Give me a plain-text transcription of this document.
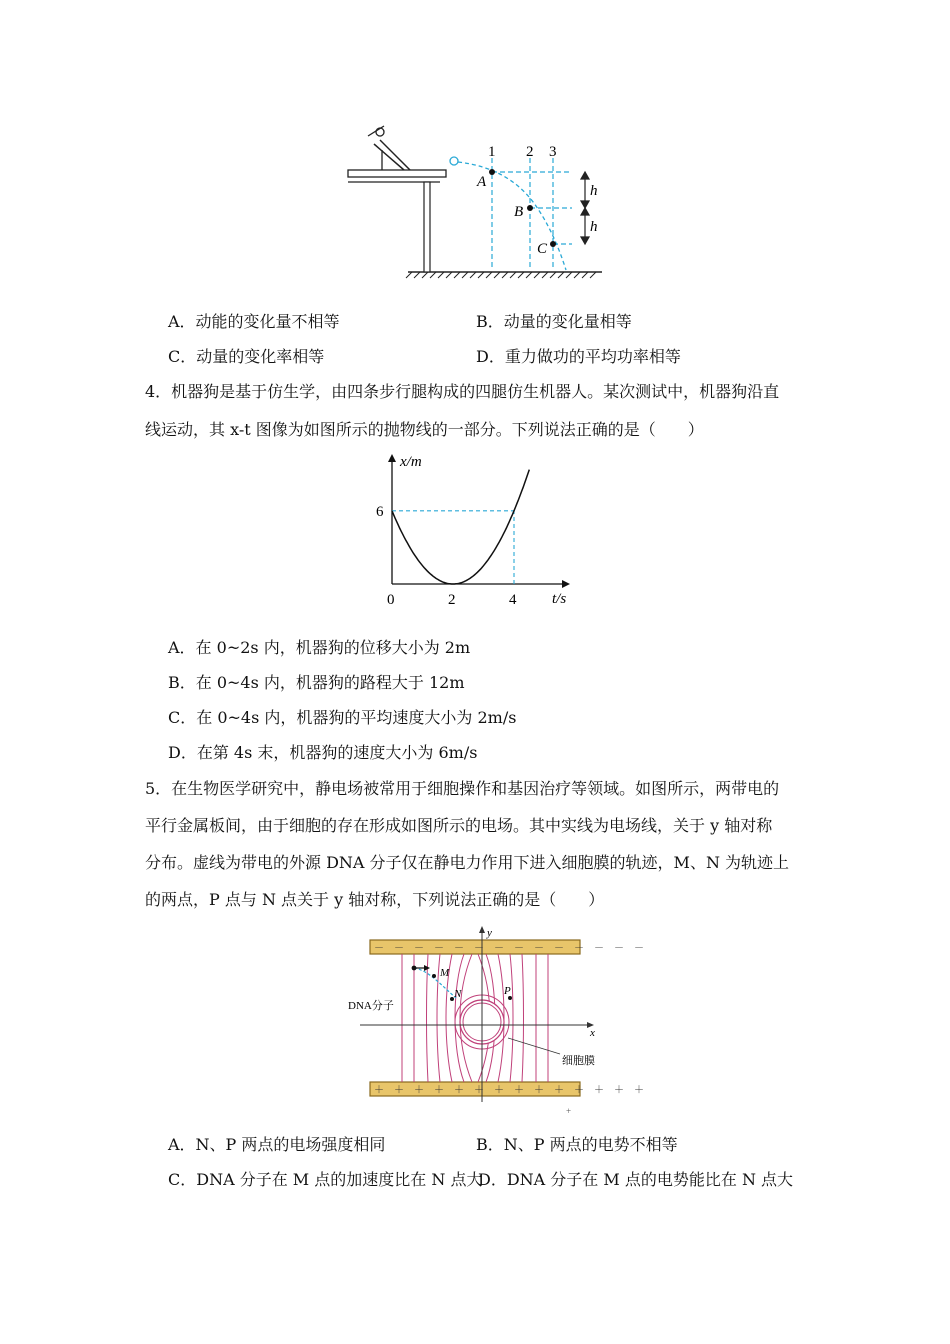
1 2 3
A
B
C
h
h
A．动能的变化量不相等	B．动量的变化量相等
C．动量的变化率相等	D．重力做功的平均功率相等
4．机器狗是基于仿生学，由四条步行腿构成的四腿仿生机器人。某次测试中，机器狗沿直
线运动，其 x-t 图像为如图所示的抛物线的一部分。下列说法正确的是（　　）
0	2	4
6
x/m
t/s
A．在 0~2s 内，机器狗的位移大小为 2m
B．在 0~4s 内，机器狗的路程大于 12m
C．在 0~4s 内，机器狗的平均速度大小为 2m/s
D．在第 4s 末，机器狗的速度大小为 6m/s
5．在生物医学研究中，静电场被常用于细胞操作和基因治疗等领域。如图所示，两带电的
平行金属板间，由于细胞的存在形成如图所示的电场。其中实线为电场线，关于 y 轴对称
分布。虚线为带电的外源 DNA 分子仅在静电力作用下进入细胞膜的轨迹，M、N 为轨迹上
的两点，P 点与 N 点关于 y 轴对称，下列说法正确的是（　　）
－　－　－　－　－　－　－　－　－　－　－　－　－　－
＋　＋　＋　＋　＋　＋　＋　＋　＋　＋　＋　＋　＋　＋
y
x
M
N	P
DNA分子
细胞膜
+
A．N、P 两点的电场强度相同	B．N、P 两点的电势不相等
C．DNA 分子在 M 点的加速度比在 N 点大
D．DNA 分子在 M 点的电势能比在 N 点大
